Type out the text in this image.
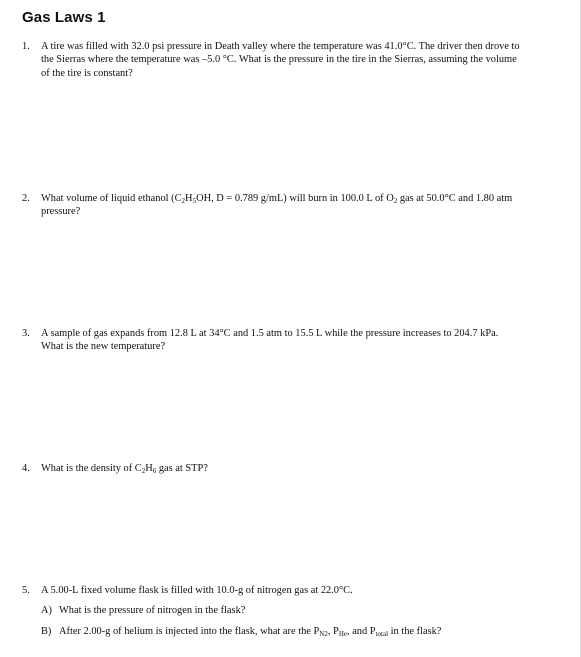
Gas Laws 1
1. A tire was filled with 32.0 psi pressure in Death valley where the temperature was 41.0°C. The driver then drove to the Sierras where the temperature was –5.0 °C. What is the pressure in the tire in the Sierras, assuming the volume of the tire is constant?
2. What volume of liquid ethanol ($C_2H_5OH$, D = 0.789 g/mL) will burn in 100.0 L of $O_2$ gas at 50.0°C and 1.80 atm pressure?
3. A sample of gas expands from 12.8 L at 34°C and 1.5 atm to 15.5 L while the pressure increases to 204.7 kPa. What is the new temperature?
4. What is the density of $C_2H_6$ gas at STP?
5. A 5.00-L fixed volume flask is filled with 10.0-g of nitrogen gas at 22.0°C.
A) What is the pressure of nitrogen in the flask?
B) After 2.00-g of helium is injected into the flask, what are the $P_{N2}$, $P_{He}$, and $P_{total}$ in the flask?
